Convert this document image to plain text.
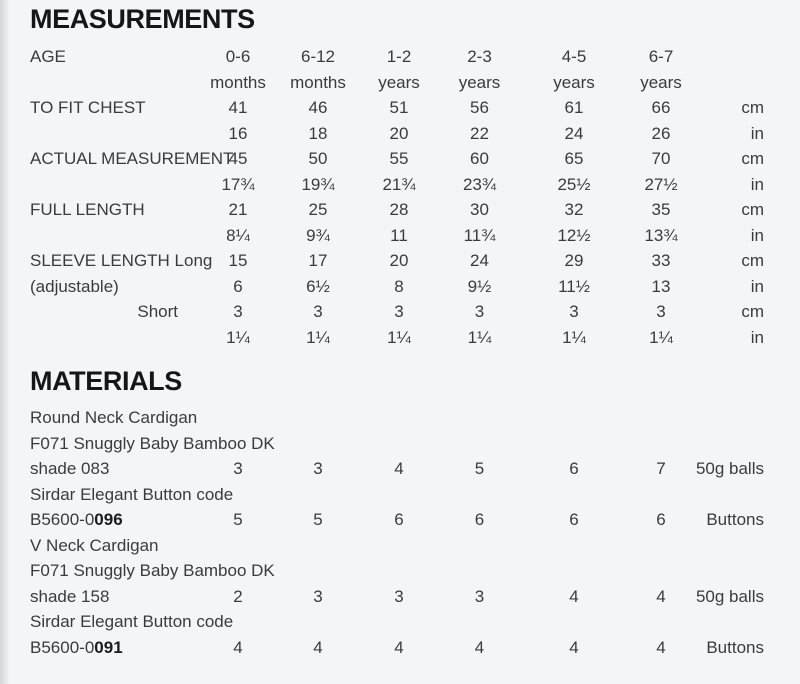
MEASUREMENTS
AGE	0-6	6-12	1-2	2-3	4-5	6-7
months	months	years	years	years	years
TO FIT CHEST	41	46	51	56	61	66	cm
16	18	20	22	24	26	in
ACTUAL MEASUREMENT
45	50	55	60	65	70	cm
17¾	19¾	21¾	23¾	25½	27½	in
FULL LENGTH	21	25	28	30	32	35	cm
8¼	9¾	11	11¾	12½	13¾	in
SLEEVE LENGTH Long 15	17	20	24	29	33	cm
(adjustable)	6	6½	8	9½	11½	13	in
Short	3	3	3	3	3	3	cm
1¼	1¼	1¼	1¼	1¼	1¼	in
MATERIALS
Round Neck Cardigan
F071 Snuggly Baby Bamboo DK
shade 083	3	3	4	5	6	7	50g balls
Sirdar Elegant Button code
B5600-0096	5	5	6	6	6	6	Buttons
V Neck Cardigan
F071 Snuggly Baby Bamboo DK
shade 158	2	3	3	3	4	4	50g balls
Sirdar Elegant Button code
B5600-0091	4	4	4	4	4	4	Buttons
